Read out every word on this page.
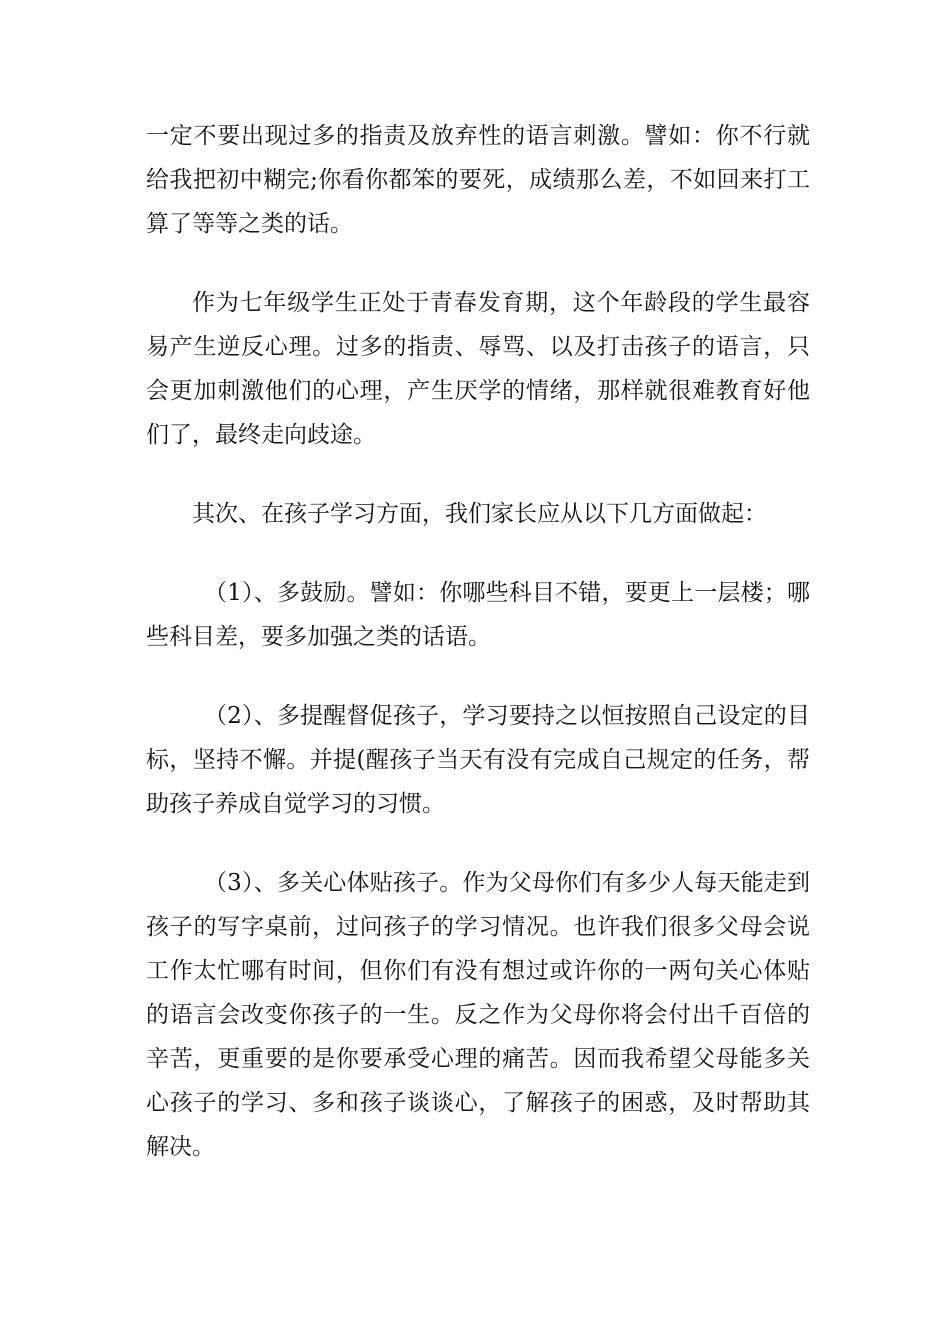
一定不要出现过多的指责及放弃性的语言刺激。譬如：你不行就给我把初中糊完;你看你都笨的要死，成绩那么差，不如回来打工算了等等之类的话。

作为七年级学生正处于青春发育期，这个年龄段的学生最容易产生逆反心理。过多的指责、辱骂、以及打击孩子的语言，只会更加刺激他们的心理，产生厌学的情绪，那样就很难教育好他们了，最终走向歧途。

其次、在孩子学习方面，我们家长应从以下几方面做起：

（1）、多鼓励。譬如：你哪些科目不错，要更上一层楼；哪些科目差，要多加强之类的话语。

（2）、多提醒督促孩子，学习要持之以恒按照自己设定的目标，坚持不懈。并提(醒孩子当天有没有完成自己规定的任务，帮助孩子养成自觉学习的习惯。

（3）、多关心体贴孩子。作为父母你们有多少人每天能走到孩子的写字桌前，过问孩子的学习情况。也许我们很多父母会说工作太忙哪有时间，但你们有没有想过或许你的一两句关心体贴的语言会改变你孩子的一生。反之作为父母你将会付出千百倍的辛苦，更重要的是你要承受心理的痛苦。因而我希望父母能多关心孩子的学习、多和孩子谈谈心，了解孩子的困惑，及时帮助其解决。
